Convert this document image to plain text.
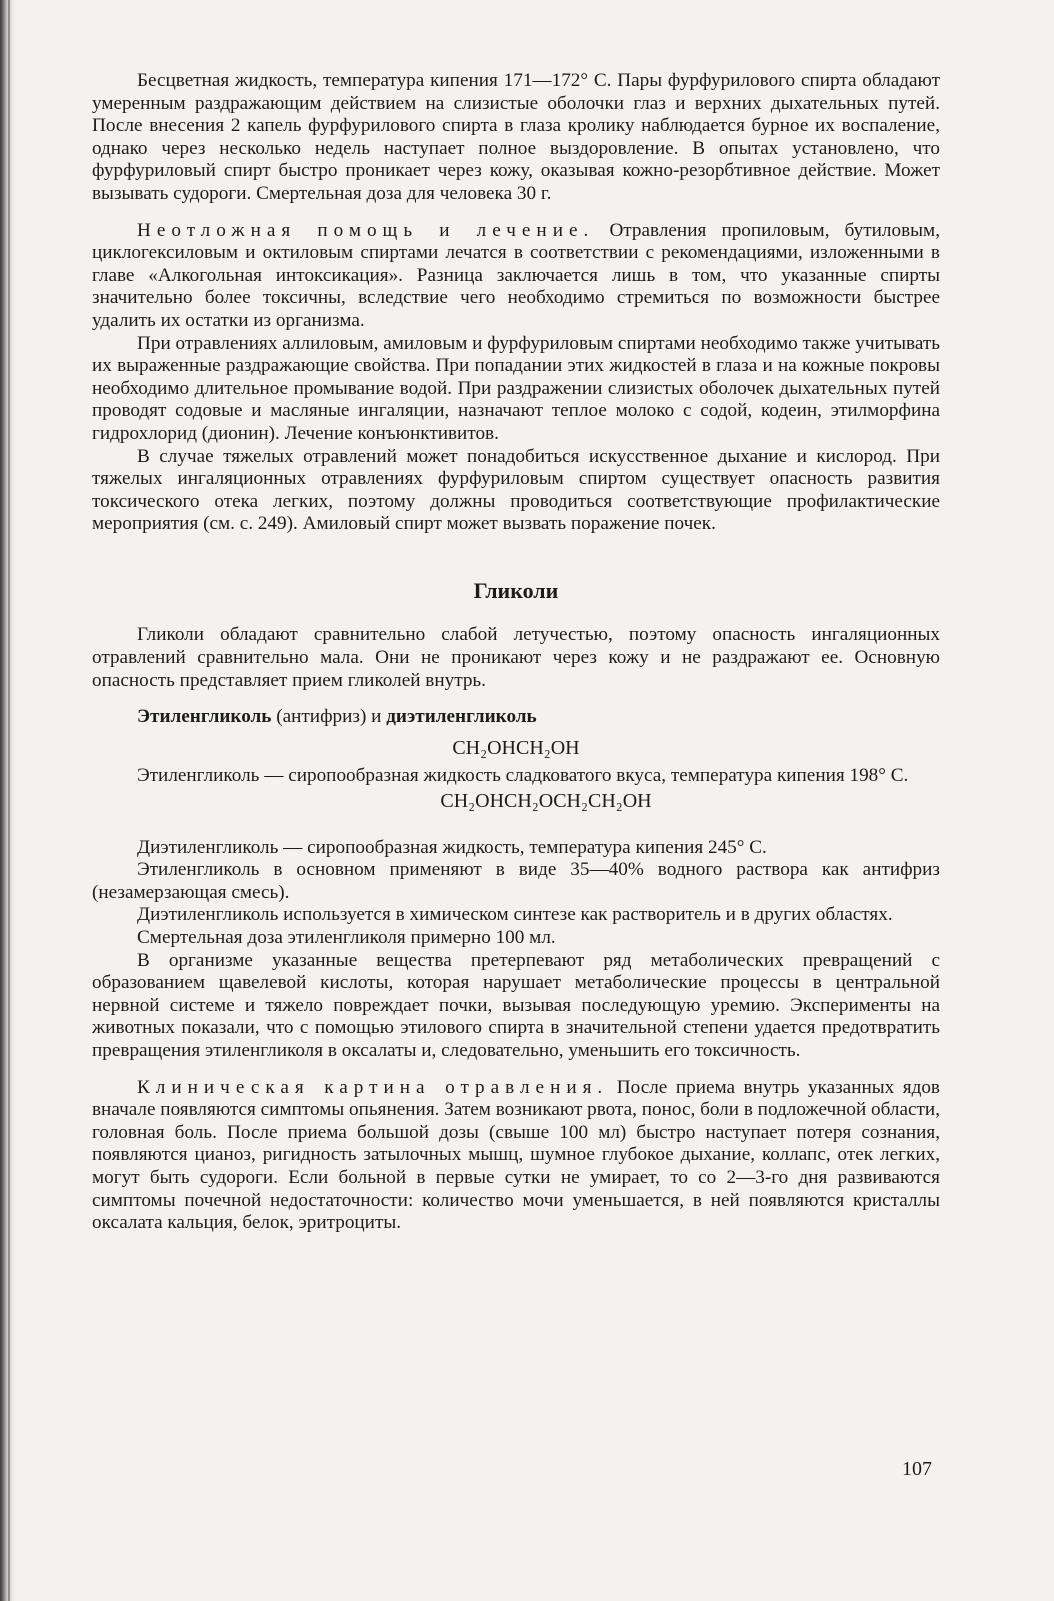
Бесцветная жидкость, температура кипения 171—172° С. Пары фурфурилового спирта обладают умеренным раздражающим действием на слизистые оболочки глаз и верхних дыхательных путей. После внесения 2 капель фурфурилового спирта в глаза кролику наблюдается бурное их воспаление, однако через несколько недель наступает полное выздоровление. В опытах установлено, что фурфуриловый спирт быстро проникает через кожу, оказывая кожно-резорбтивное действие. Может вызывать судороги. Смертельная доза для человека 30 г.

Неотложная помощь и лечение. Отравления пропиловым, бутиловым, циклогексиловым и октиловым спиртами лечатся в соответствии с рекомендациями, изложенными в главе «Алкогольная интоксикация». Разница заключается лишь в том, что указанные спирты значительно более токсичны, вследствие чего необходимо стремиться по возможности быстрее удалить их остатки из организма.

При отравлениях аллиловым, амиловым и фурфуриловым спиртами необходимо также учитывать их выраженные раздражающие свойства. При попадании этих жидкостей в глаза и на кожные покровы необходимо длительное промывание водой. При раздражении слизистых оболочек дыхательных путей проводят содовые и масляные ингаляции, назначают теплое молоко с содой, кодеин, этилморфина гидрохлорид (дионин). Лечение конъюнктивитов.

В случае тяжелых отравлений может понадобиться искусственное дыхание и кислород. При тяжелых ингаляционных отравлениях фурфуриловым спиртом существует опасность развития токсического отека легких, поэтому должны проводиться соответствующие профилактические мероприятия (см. с. 249). Амиловый спирт может вызвать поражение почек.

Гликоли

Гликоли обладают сравнительно слабой летучестью, поэтому опасность ингаляционных отравлений сравнительно мала. Они не проникают через кожу и не раздражают ее. Основную опасность представляет прием гликолей внутрь.

Этиленгликоль (антифриз) и диэтиленгликоль

CH₂OHCH₂OH

Этиленгликоль — сиропообразная жидкость сладковатого вкуса, температура кипения 198° С.

CH₂OHCH₂OCH₂CH₂OH

Диэтиленгликоль — сиропообразная жидкость, температура кипения 245° С.

Этиленгликоль в основном применяют в виде 35—40% водного раствора как антифриз (незамерзающая смесь).

Диэтиленгликоль используется в химическом синтезе как растворитель и в других областях.

Смертельная доза этиленгликоля примерно 100 мл.

В организме указанные вещества претерпевают ряд метаболических превращений с образованием щавелевой кислоты, которая нарушает метаболические процессы в центральной нервной системе и тяжело повреждает почки, вызывая последующую уремию. Эксперименты на животных показали, что с помощью этилового спирта в значительной степени удается предотвратить превращения этиленгликоля в оксалаты и, следовательно, уменьшить его токсичность.

Клиническая картина отравления. После приема внутрь указанных ядов вначале появляются симптомы опьянения. Затем возникают рвота, понос, боли в подложечной области, головная боль. После приема большой дозы (свыше 100 мл) быстро наступает потеря сознания, появляются цианоз, ригидность затылочных мышц, шумное глубокое дыхание, коллапс, отек легких, могут быть судороги. Если больной в первые сутки не умирает, то со 2—3-го дня развиваются симптомы почечной недостаточности: количество мочи уменьшается, в ней появляются кристаллы оксалата кальция, белок, эритроциты.

107
